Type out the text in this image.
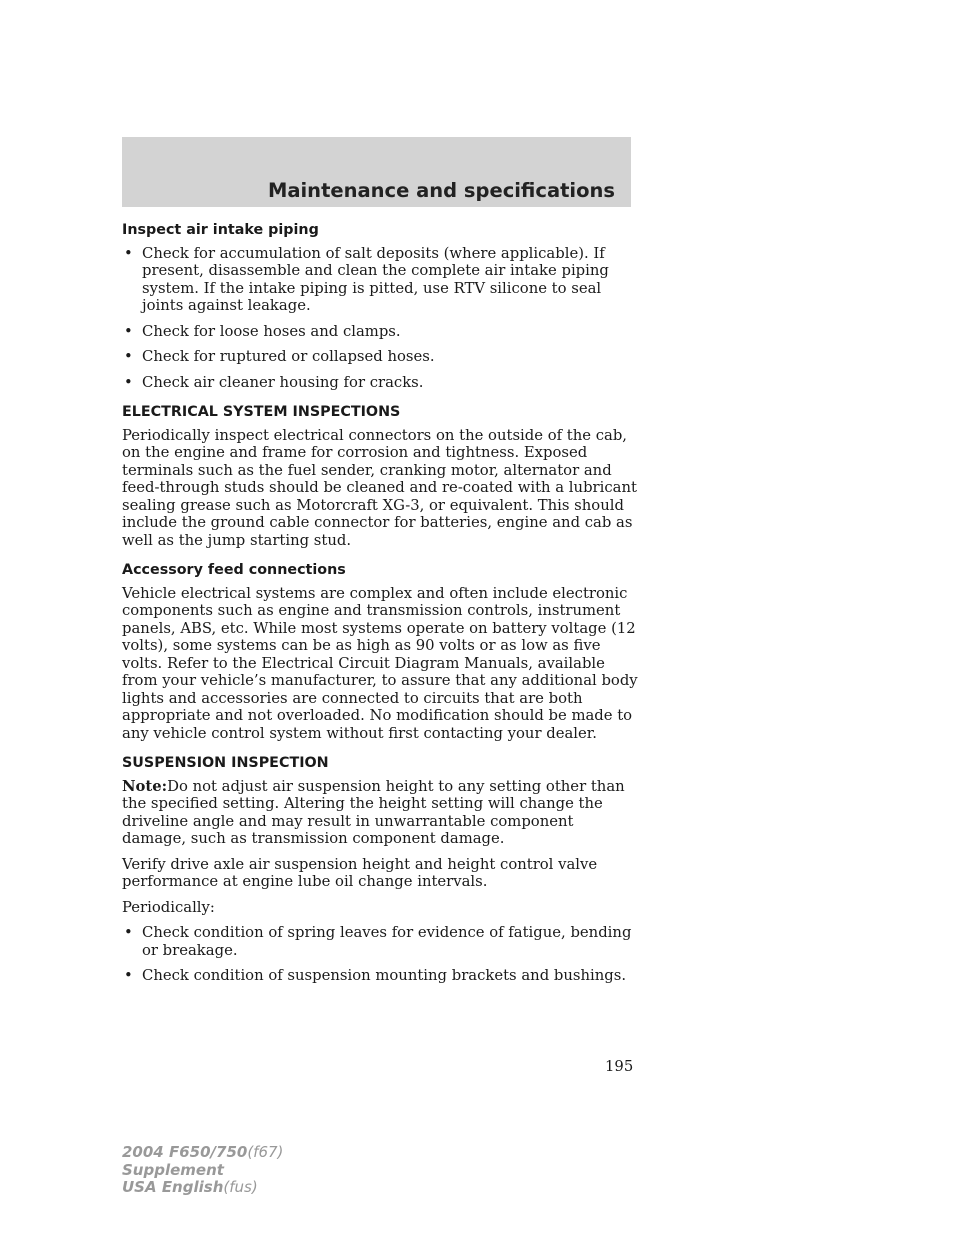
Maintenance and specifications
Inspect air intake piping
• Check for accumulation of salt deposits (where applicable). If present, disassemble and clean the complete air intake piping system. If the intake piping is pitted, use RTV silicone to seal joints against leakage.
• Check for loose hoses and clamps.
• Check for ruptured or collapsed hoses.
• Check air cleaner housing for cracks.
ELECTRICAL SYSTEM INSPECTIONS

Periodically inspect electrical connectors on the outside of the cab, on the engine and frame for corrosion and tightness. Exposed terminals such as the fuel sender, cranking motor, alternator and feed-through studs should be cleaned and re-coated with a lubricant sealing grease such as Motorcraft XG-3, or equivalent. This should include the ground cable connector for batteries, engine and cab as well as the jump starting stud.

Accessory feed connections

Vehicle electrical systems are complex and often include electronic components such as engine and transmission controls, instrument panels, ABS, etc. While most systems operate on battery voltage (12 volts), some systems can be as high as 90 volts or as low as five volts. Refer to the Electrical Circuit Diagram Manuals, available from your vehicle’s manufacturer, to assure that any additional body lights and accessories are connected to circuits that are both appropriate and not overloaded. No modification should be made to any vehicle control system without first contacting your dealer.

SUSPENSION INSPECTION

Note:Do not adjust air suspension height to any setting other than the specified setting. Altering the height setting will change the driveline angle and may result in unwarrantable component damage, such as transmission component damage.

Verify drive axle air suspension height and height control valve performance at engine lube oil change intervals.

Periodically:

• Check condition of spring leaves for evidence of fatigue, bending or breakage.
• Check condition of suspension mounting brackets and bushings.
195
2004 F650/750(f67)
Supplement
USA English(fus)
